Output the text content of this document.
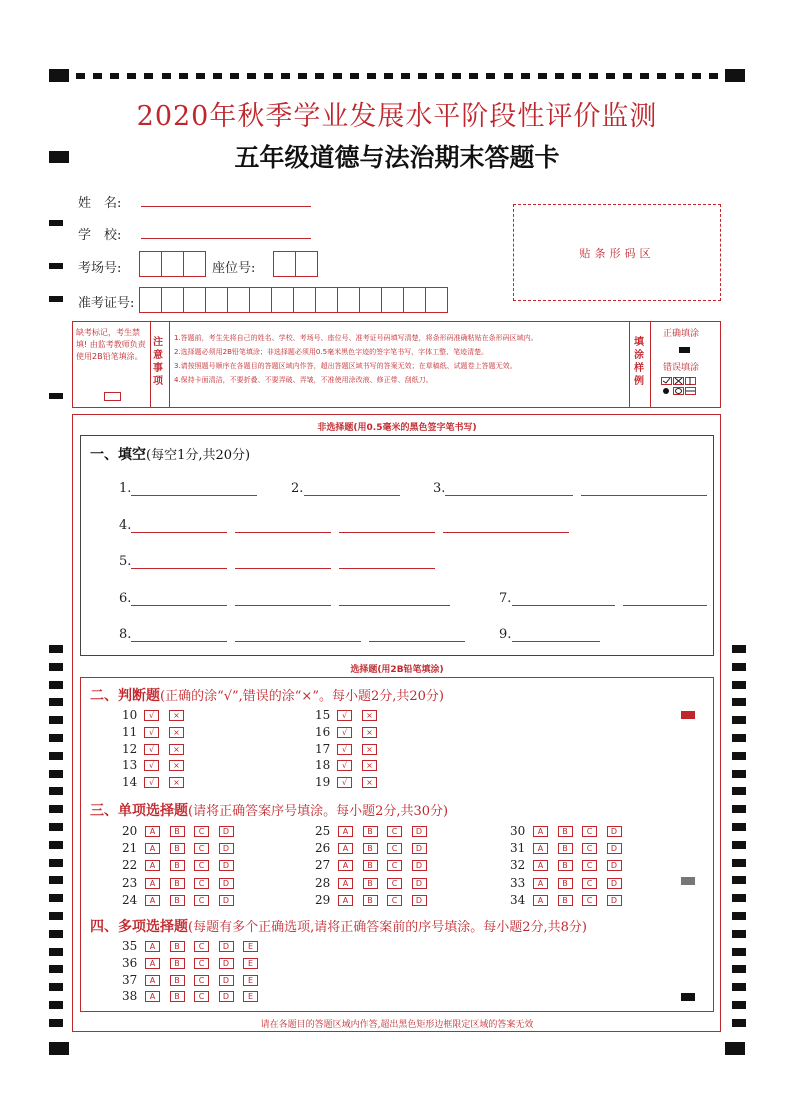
2020年秋季学业发展水平阶段性评价监测
五年级道德与法治期末答题卡
姓　名:
学　校:
考场号:	座位号:
准考证号:
贴条形码区
缺考标记，考生禁填! 由监考教师负责使用2B铅笔填涂。
注意事项
1.答题前，考生先将自己的姓名、学校、考场号、座位号、准考证号码填写清楚，将条形码准确粘贴在条形码区域内。
2.选择题必须用2B铅笔填涂；非选择题必须用0.5毫米黑色字迹的签字笔书写，字体工整、笔迹清楚。
3.请按照题号顺序在各题目的答题区域内作答，超出答题区域书写的答案无效；在草稿纸、试题卷上答题无效。
4.保持卡面清洁，不要折叠、不要弄破、弄皱，不准使用涂改液、修正带、刮纸刀。
填涂样例
正确填涂
错误填涂
非选择题(用0.5毫米的黑色签字笔书写)
一、填空(每空1分,共20分)
1.	2.	3.
4.
5.
6.	7.
8.	9.
选择题(用2B铅笔填涂)
二、判断题(正确的涂“√”,错误的涂“×”。每小题2分,共20分)
10	√	×
11	√	×
12	√	×
13	√	×
14	√	×
15	√	×
16	√	×
17	√	×
18	√	×
19	√	×
三、单项选择题(请将正确答案序号填涂。每小题2分,共30分)
20	A	B	C	D
21	A	B	C	D
22	A	B	C	D
23	A	B	C	D
24	A	B	C	D
25	A	B	C	D
26	A	B	C	D
27	A	B	C	D
28	A	B	C	D
29	A	B	C	D
30	A	B	C	D
31	A	B	C	D
32	A	B	C	D
33	A	B	C	D
34	A	B	C	D
四、多项选择题(每题有多个正确选项,请将正确答案前的序号填涂。每小题2分,共8分)
35	A	B	C	D	E
36	A	B	C	D	E
37	A	B	C	D	E
38	A	B	C	D	E
请在各题目的答题区域内作答,超出黑色矩形边框限定区域的答案无效
